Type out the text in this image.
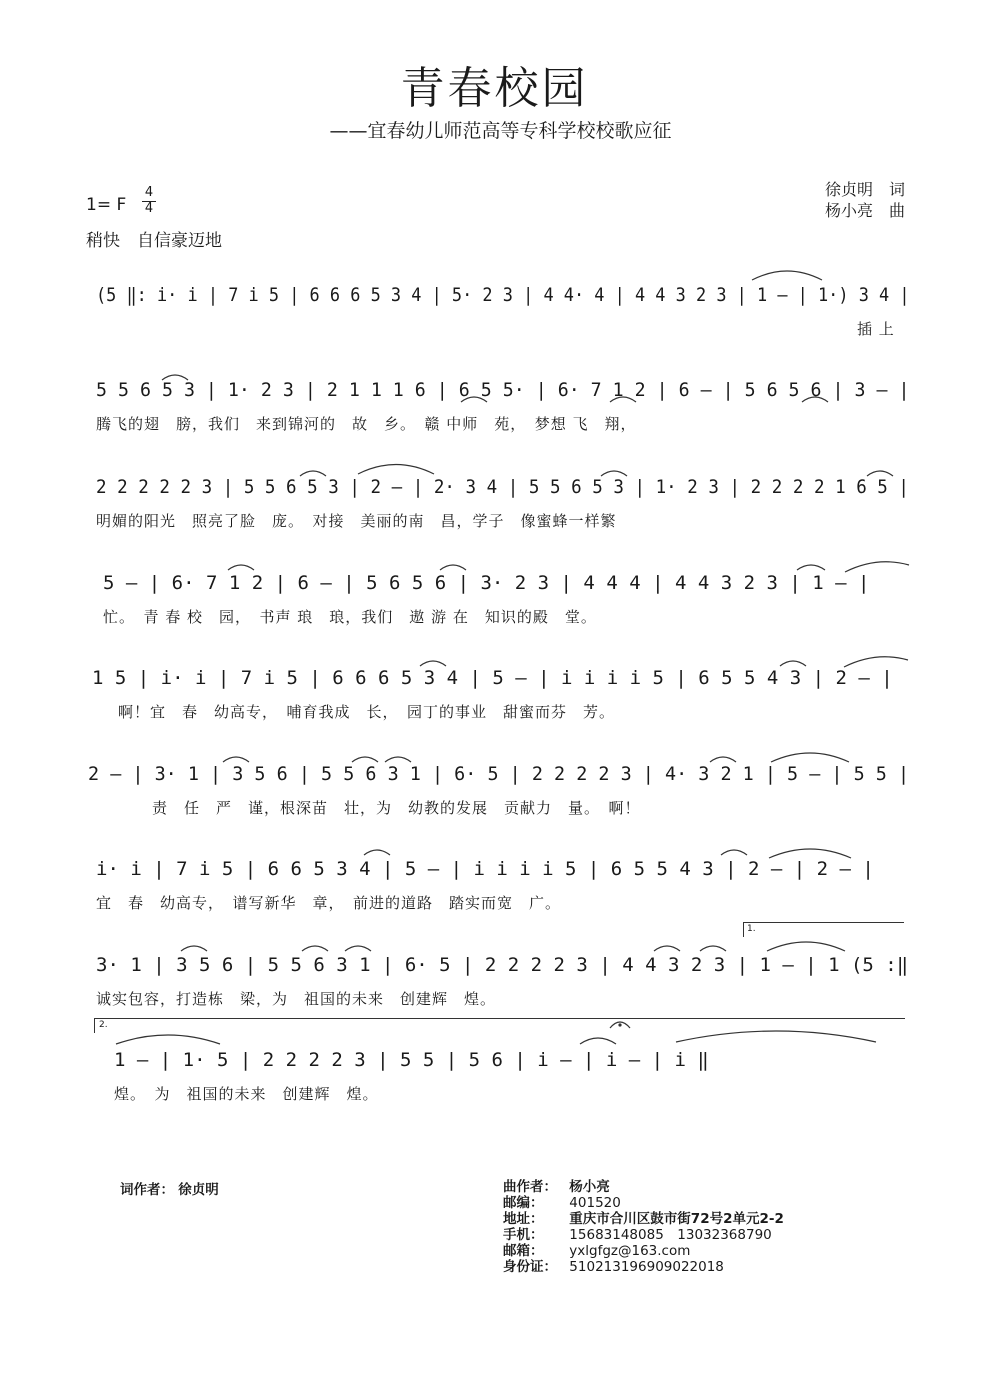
青春校园
——宜春幼儿师范高等专科学校校歌应征
徐贞明　词
杨小亮　曲
1= F
4
4
稍快　自信豪迈地
(5 ‖: i· i | 7 i 5 | 6 6 6 5 3 4 | 5· 2 3 | 4 4· 4 | 4 4 3 2 3 | 1 – | 1·) 3 4 |
插 上
5 5 6 5 3 | 1· 2 3 | 2 1 1 1 6 | 6 5 5· | 6· 7 1 2 | 6 – | 5 6 5 6 | 3 – |
腾飞的翅　膀，我们　来到锦河的　故　乡。　赣 中师　苑，　梦想 飞　翔，
2 2 2 2 2 3 | 5 5 6 5 3 | 2 – | 2· 3 4 | 5 5 6 5 3 | 1· 2 3 | 2 2 2 2 1 6 5 |
明媚的阳光　照亮了脸　庞。　对接　美丽的南　昌，学子　像蜜蜂一样繁
5 – | 6· 7 1 2 | 6 – | 5 6 5 6 | 3· 2 3 | 4 4 4 | 4 4 3 2 3 | 1 – |
忙。　青 春 校　园，　书声 琅　琅，我们　遨 游 在　知识的殿　堂。
1 5 | i· i | 7 i 5 | 6 6 6 5 3 4 | 5 – | i i i i 5 | 6 5 5 4 3 | 2 – |
啊！宜　春　幼高专，　哺育我成　长，　园丁的事业　甜蜜而芬　芳。
2 – | 3· 1 | 3 5 6 | 5 5 6 3 1 | 6· 5 | 2 2 2 2 3 | 4· 3 2 1 | 5 – | 5 5 |
责　任　严　谨，根深苗　壮，为　幼教的发展　贡献力　量。　啊！
i· i | 7 i 5 | 6 6 5 3 4 | 5 – | i i i i 5 | 6 5 5 4 3 | 2 – | 2 – |
宜　春　幼高专，　谱写新华　章，　前进的道路　踏实而宽　广。
3· 1 | 3 5 6 | 5 5 6 3 1 | 6· 5 | 2 2 2 2 3 | 4 4 3 2 3 | 1 – | 1 (5 :‖
诚实包容，打造栋　梁，为　祖国的未来　创建辉　煌。
1 – | 1· 5 | 2 2 2 2 3 | 5 5 | 5 6 | i – | i – | i ‖
煌。　为　祖国的未来　创建辉　煌。
1.
2.
词作者： 徐贞明	曲作者： 杨小亮
邮编： 401520
地址： 重庆市合川区鼓市街72号2单元2-2
手机： 15683148085　13032368790
邮箱： yxlgfgz@163.com
身份证： 510213196909022018
